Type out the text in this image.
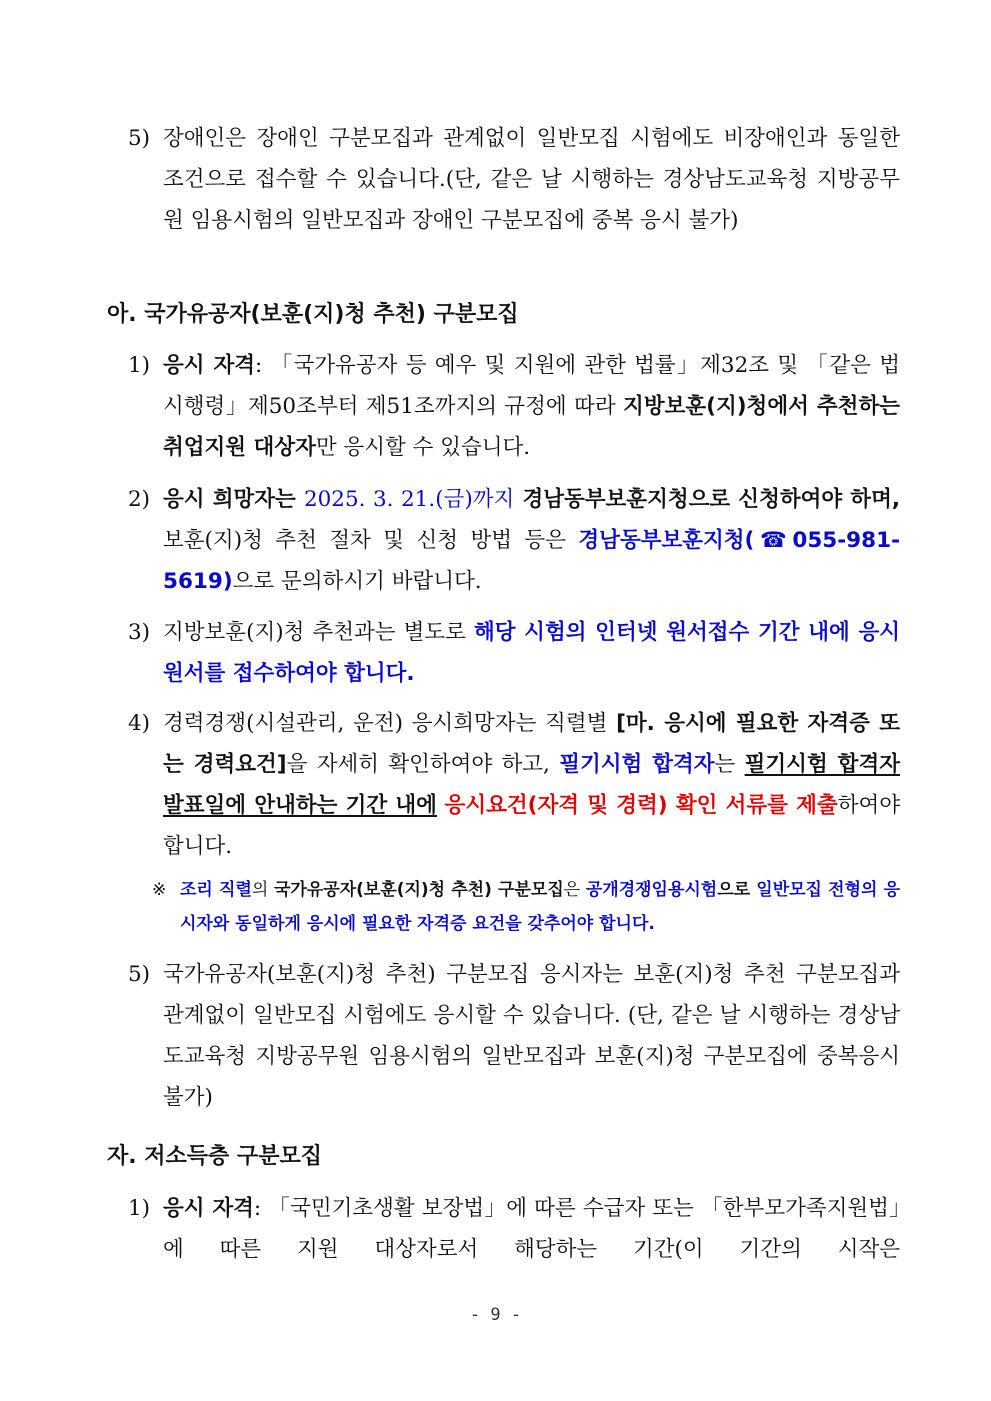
5) 장애인은 장애인 구분모집과 관계없이 일반모집 시험에도 비장애인과 동일한 조건으로 접수할 수 있습니다.(단, 같은 날 시행하는 경상남도교육청 지방공무원 임용시험의 일반모집과 장애인 구분모집에 중복 응시 불가)
아. 국가유공자(보훈(지)청 추천) 구분모집
1) 응시 자격: 「국가유공자 등 예우 및 지원에 관한 법률」제32조 및 「같은 법 시행령」제50조부터 제51조까지의 규정에 따라 지방보훈(지)청에서 추천하는 취업지원 대상자만 응시할 수 있습니다.
2) 응시 희망자는 2025. 3. 21.(금)까지 경남동부보훈지청으로 신청하여야 하며, 보훈(지)청 추천 절차 및 신청 방법 등은 경남동부보훈지청(☎055-981-5619)으로 문의하시기 바랍니다.
3) 지방보훈(지)청 추천과는 별도로 해당 시험의 인터넷 원서접수 기간 내에 응시원서를 접수하여야 합니다.
4) 경력경쟁(시설관리, 운전) 응시희망자는 직렬별 [마. 응시에 필요한 자격증 또는 경력요건]을 자세히 확인하여야 하고, 필기시험 합격자는 필기시험 합격자 발표일에 안내하는 기간 내에 응시요건(자격 및 경력) 확인 서류를 제출하여야 합니다.
※ 조리 직렬의 국가유공자(보훈(지)청 추천) 구분모집은 공개경쟁임용시험으로 일반모집 전형의 응시자와 동일하게 응시에 필요한 자격증 요건을 갖추어야 합니다.
5) 국가유공자(보훈(지)청 추천) 구분모집 응시자는 보훈(지)청 추천 구분모집과 관계없이 일반모집 시험에도 응시할 수 있습니다. (단, 같은 날 시행하는 경상남도교육청 지방공무원 임용시험의 일반모집과 보훈(지)청 구분모집에 중복응시 불가)
자. 저소득층 구분모집
1) 응시 자격: 「국민기초생활 보장법」에 따른 수급자 또는 「한부모가족지원법」에 따른 지원 대상자로서 해당하는 기간(이 기간의 시작은
- 9 -
